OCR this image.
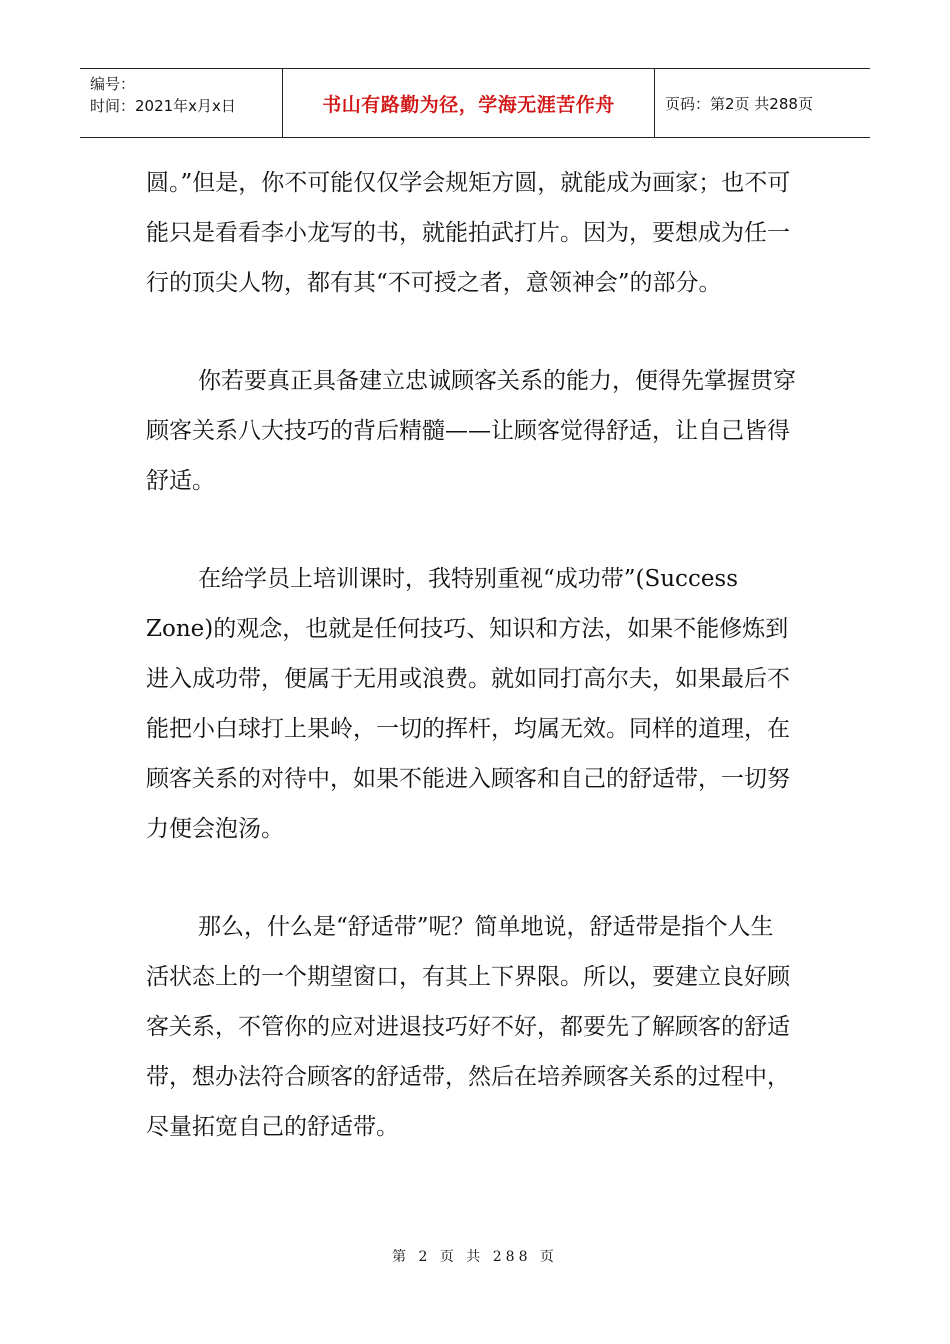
编号：
时间：2021年x月x日	书山有路勤为径，学海无涯苦作舟	页码：第2页 共288页

圆。”但是，你不可能仅仅学会规矩方圆，就能成为画家；也不可能只是看看李小龙写的书，就能拍武打片。因为，要想成为任一行的顶尖人物，都有其“不可授之者，意领神会”的部分。

你若要真正具备建立忠诚顾客关系的能力，便得先掌握贯穿顾客关系八大技巧的背后精髓——让顾客觉得舒适，让自己皆得舒适。

在给学员上培训课时，我特别重视“成功带”(Success Zone)的观念，也就是任何技巧、知识和方法，如果不能修炼到进入成功带，便属于无用或浪费。就如同打高尔夫，如果最后不能把小白球打上果岭，一切的挥杆，均属无效。同样的道理，在顾客关系的对待中，如果不能进入顾客和自己的舒适带，一切努力便会泡汤。

那么，什么是“舒适带”呢？简单地说，舒适带是指个人生活状态上的一个期望窗口，有其上下界限。所以，要建立良好顾客关系，不管你的应对进退技巧好不好，都要先了解顾客的舒适带，想办法符合顾客的舒适带，然后在培养顾客关系的过程中，尽量拓宽自己的舒适带。

第 2 页 共 288 页
